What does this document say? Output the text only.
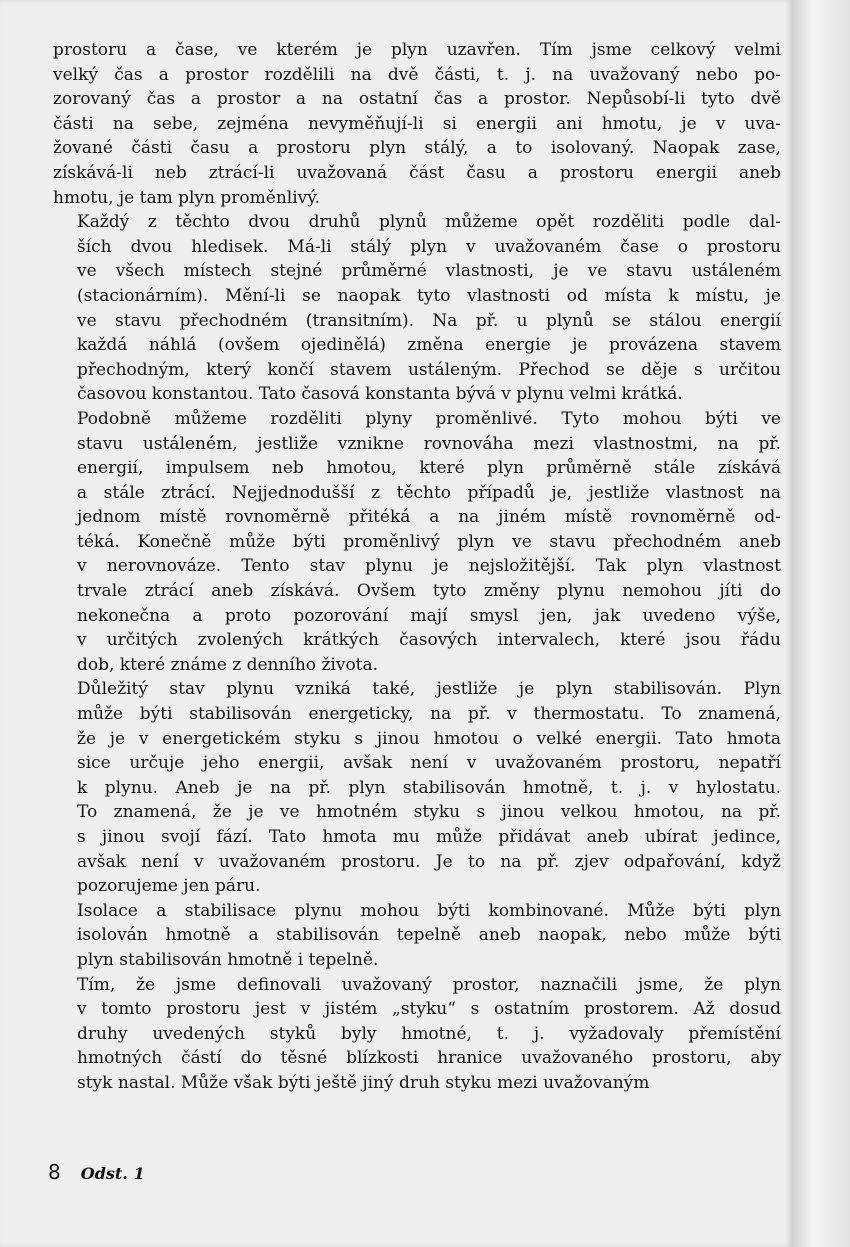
prostoru a čase, ve kterém je plyn uzavřen. Tím jsme celkový velmi
velký čas a prostor rozdělili na dvě části, t. j. na uvažovaný nebo po-
zorovaný čas a prostor a na ostatní čas a prostor. Nepůsobí-li tyto dvě
části na sebe, zejména nevyměňují-li si energii ani hmotu, je v uva-
žované části času a prostoru plyn stálý, a to isolovaný. Naopak zase,
získává-li neb ztrácí-li uvažovaná část času a prostoru energii aneb
hmotu, je tam plyn proměnlivý.

Každý z těchto dvou druhů plynů můžeme opět rozděliti podle dal-
ších dvou hledisek. Má-li stálý plyn v uvažovaném čase o prostoru
ve všech místech stejné průměrné vlastnosti, je ve stavu ustáleném
(stacionárním). Mění-li se naopak tyto vlastnosti od místa k místu, je
ve stavu přechodném (transitním). Na př. u plynů se stálou energií
každá náhlá (ovšem ojedinělá) změna energie je provázena stavem
přechodným, který končí stavem ustáleným. Přechod se děje s určitou
časovou konstantou. Tato časová konstanta bývá v plynu velmi krátká.

Podobně můžeme rozděliti plyny proměnlivé. Tyto mohou býti ve
stavu ustáleném, jestliže vznikne rovnováha mezi vlastnostmi, na př.
energií, impulsem neb hmotou, které plyn průměrně stále získává
a stále ztrácí. Nejjednodušší z těchto případů je, jestliže vlastnost na
jednom místě rovnoměrně přitéká a na jiném místě rovnoměrně od-
téká. Konečně může býti proměnlivý plyn ve stavu přechodném aneb
v nerovnováze. Tento stav plynu je nejsložitější. Tak plyn vlastnost
trvale ztrácí aneb získává. Ovšem tyto změny plynu nemohou jíti do
nekonečna a proto pozorování mají smysl jen, jak uvedeno výše,
v určitých zvolených krátkých časových intervalech, které jsou řádu
dob, které známe z denního života.

Důležitý stav plynu vzniká také, jestliže je plyn stabilisován. Plyn
může býti stabilisován energeticky, na př. v thermostatu. To znamená,
že je v energetickém styku s jinou hmotou o velké energii. Tato hmota
sice určuje jeho energii, avšak není v uvažovaném prostoru, nepatří
k plynu. Aneb je na př. plyn stabilisován hmotně, t. j. v hylostatu.
To znamená, že je ve hmotném styku s jinou velkou hmotou, na př.
s jinou svojí fází. Tato hmota mu může přidávat aneb ubírat jedince,
avšak není v uvažovaném prostoru. Je to na př. zjev odpařování, když
pozorujeme jen páru.

Isolace a stabilisace plynu mohou býti kombinované. Může býti plyn
isolován hmotně a stabilisován tepelně aneb naopak, nebo může býti
plyn stabilisován hmotně i tepelně.

Tím, že jsme definovali uvažovaný prostor, naznačili jsme, že plyn
v tomto prostoru jest v jistém „styku“ s ostatním prostorem. Až dosud
druhy uvedených styků byly hmotné, t. j. vyžadovaly přemístění
hmotných částí do těsné blízkosti hranice uvažovaného prostoru, aby
styk nastal. Může však býti ještě jiný druh styku mezi uvažovaným

8 Odst. 1
